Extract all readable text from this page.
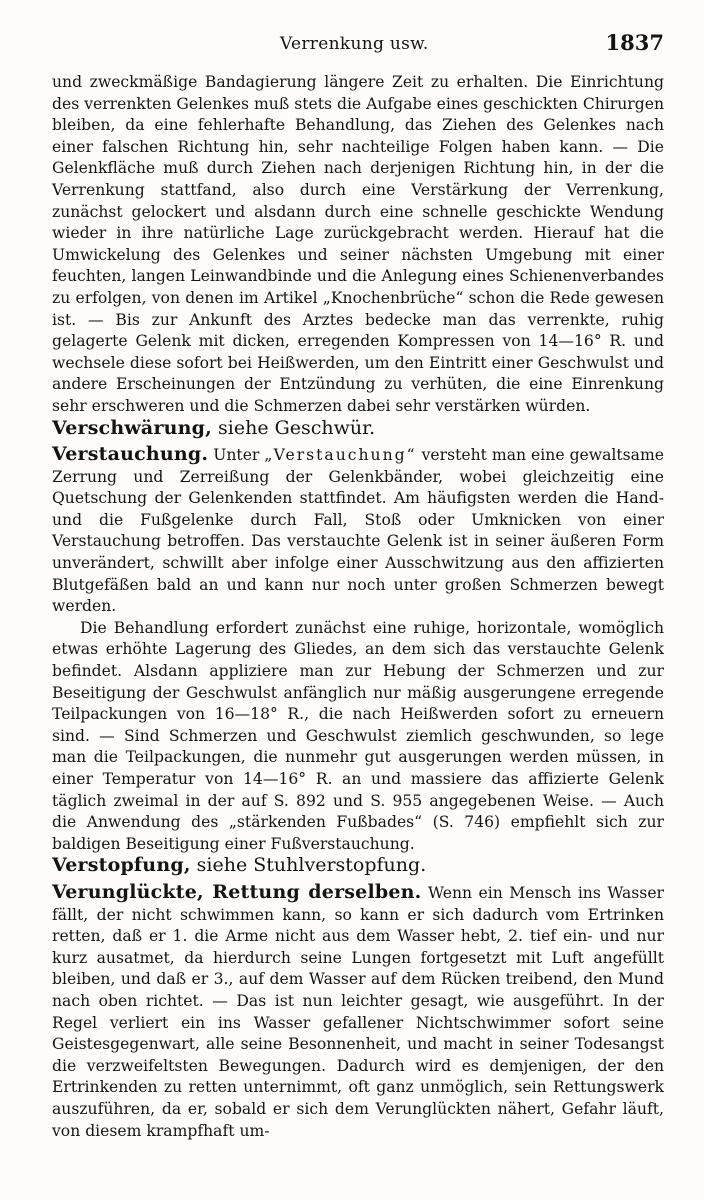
Verrenkung usw.	1837

und zweckmäßige Bandagierung längere Zeit zu erhalten. Die Einrichtung des verrenkten Gelenkes muß stets die Aufgabe eines geschickten Chirurgen bleiben, da eine fehlerhafte Behandlung, das Ziehen des Gelenkes nach einer falschen Richtung hin, sehr nachteilige Folgen haben kann. — Die Gelenkfläche muß durch Ziehen nach derjenigen Richtung hin, in der die Verrenkung stattfand, also durch eine Verstärkung der Verrenkung, zunächst gelockert und alsdann durch eine schnelle geschickte Wendung wieder in ihre natürliche Lage zurückgebracht werden. Hierauf hat die Umwickelung des Gelenkes und seiner nächsten Umgebung mit einer feuchten, langen Leinwandbinde und die Anlegung eines Schienenverbandes zu erfolgen, von denen im Artikel „Knochenbrüche“ schon die Rede gewesen ist. — Bis zur Ankunft des Arztes bedecke man das verrenkte, ruhig gelagerte Gelenk mit dicken, erregenden Kompressen von 14—16° R. und wechsele diese sofort bei Heißwerden, um den Eintritt einer Geschwulst und andere Erscheinungen der Entzündung zu verhüten, die eine Einrenkung sehr erschweren und die Schmerzen dabei sehr verstärken würden.

Verschwärung, siehe Geschwür.

Verstauchung. Unter „Verstauchung“ versteht man eine gewaltsame Zerrung und Zerreißung der Gelenkbänder, wobei gleichzeitig eine Quetschung der Gelenkenden stattfindet. Am häufigsten werden die Hand- und die Fußgelenke durch Fall, Stoß oder Umknicken von einer Verstauchung betroffen. Das verstauchte Gelenk ist in seiner äußeren Form unverändert, schwillt aber infolge einer Ausschwitzung aus den affizierten Blutgefäßen bald an und kann nur noch unter großen Schmerzen bewegt werden.

Die Behandlung erfordert zunächst eine ruhige, horizontale, womöglich etwas erhöhte Lagerung des Gliedes, an dem sich das verstauchte Gelenk befindet. Alsdann appliziere man zur Hebung der Schmerzen und zur Beseitigung der Geschwulst anfänglich nur mäßig ausgerungene erregende Teilpackungen von 16—18° R., die nach Heißwerden sofort zu erneuern sind. — Sind Schmerzen und Geschwulst ziemlich geschwunden, so lege man die Teilpackungen, die nunmehr gut ausgerungen werden müssen, in einer Temperatur von 14—16° R. an und massiere das affizierte Gelenk täglich zweimal in der auf S. 892 und S. 955 angegebenen Weise. — Auch die Anwendung des „stärkenden Fußbades“ (S. 746) empfiehlt sich zur baldigen Beseitigung einer Fußverstauchung.

Verstopfung, siehe Stuhlverstopfung.

Verunglückte, Rettung derselben. Wenn ein Mensch ins Wasser fällt, der nicht schwimmen kann, so kann er sich dadurch vom Ertrinken retten, daß er 1. die Arme nicht aus dem Wasser hebt, 2. tief ein- und nur kurz ausatmet, da hierdurch seine Lungen fortgesetzt mit Luft angefüllt bleiben, und daß er 3., auf dem Wasser auf dem Rücken treibend, den Mund nach oben richtet. — Das ist nun leichter gesagt, wie ausgeführt. In der Regel verliert ein ins Wasser gefallener Nichtschwimmer sofort seine Geistesgegenwart, alle seine Besonnenheit, und macht in seiner Todesangst die verzweifeltsten Bewegungen. Dadurch wird es demjenigen, der den Ertrinkenden zu retten unternimmt, oft ganz unmöglich, sein Rettungswerk auszuführen, da er, sobald er sich dem Verunglückten nähert, Gefahr läuft, von diesem krampfhaft um-
